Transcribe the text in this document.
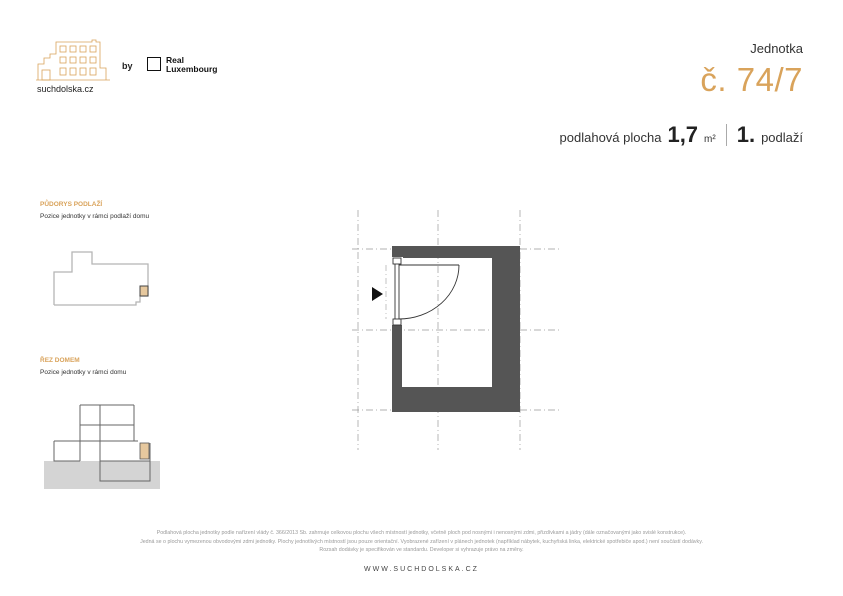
suchdolska.cz
by
Real
Luxembourg
Jednotka
č. 74/7
podlahová plocha 1,7 m² 1. podlaží
PŮDORYS PODLAŽÍ
Pozice jednotky v rámci podlaží domu
ŘEZ DOMEM
Pozice jednotky v rámci domu
Podlahová plocha jednotky podle nařízení vlády č. 366/2013 Sb. zahrnuje celkovou plochu všech místností jednotky, včetně ploch pod nosnými i nenosnými zdmi, přizdívkami a jádry (dále označovanými jako svislé konstrukce).
Jedná se o plochu vymezenou obvodovými zdmi jednotky. Plochy jednotlivých místností jsou pouze orientační. Vyobrazené zařízení v plánech jednotek (například nábytek, kuchyňská linka, elektrické spotřebiče apod.) není součástí dodávky.
Rozsah dodávky je specifikován ve standardu. Developer si vyhrazuje právo na změny.
WWW.SUCHDOLSKA.CZ
